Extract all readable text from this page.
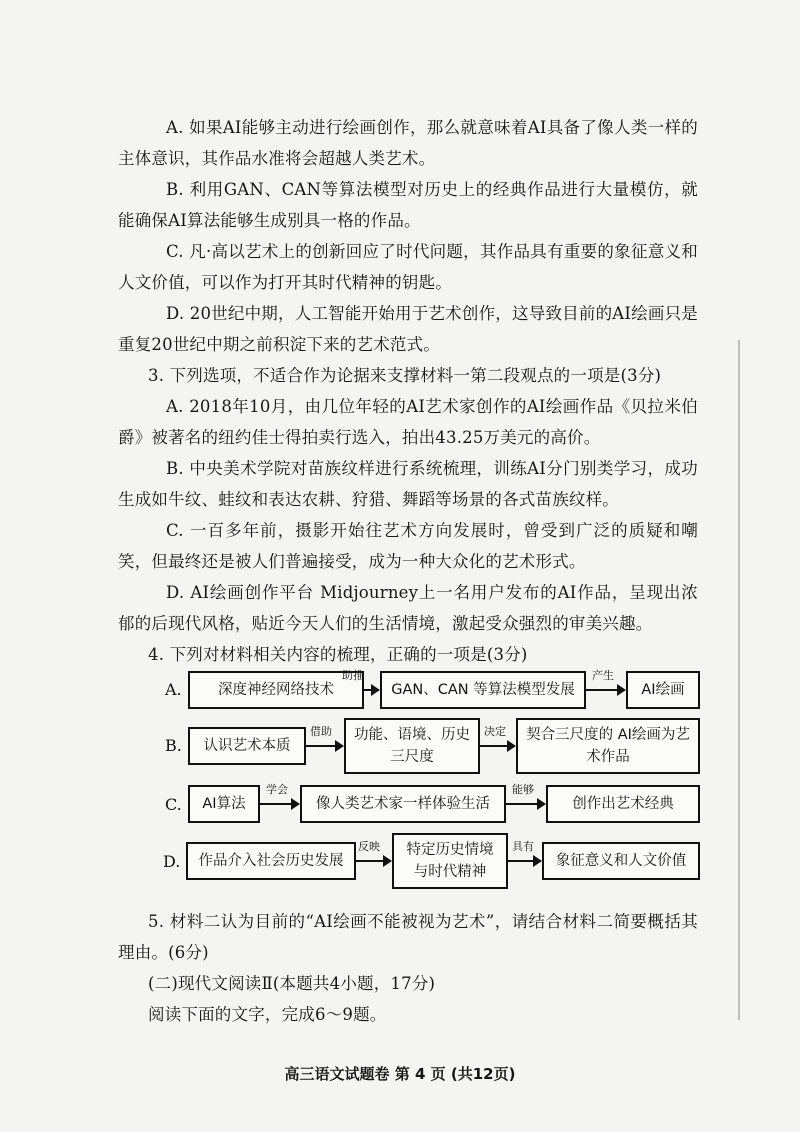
A. 如果AI能够主动进行绘画创作，那么就意味着AI具备了像人类一样的主体意识，其作品水准将会超越人类艺术。
B. 利用GAN、CAN等算法模型对历史上的经典作品进行大量模仿，就能确保AI算法能够生成别具一格的作品。
C. 凡·高以艺术上的创新回应了时代问题，其作品具有重要的象征意义和人文价值，可以作为打开其时代精神的钥匙。
D. 20世纪中期，人工智能开始用于艺术创作，这导致目前的AI绘画只是重复20世纪中期之前积淀下来的艺术范式。
3. 下列选项，不适合作为论据来支撑材料一第二段观点的一项是(3分)
A. 2018年10月，由几位年轻的AI艺术家创作的AI绘画作品《贝拉米伯爵》被著名的纽约佳士得拍卖行选入，拍出43.25万美元的高价。
B. 中央美术学院对苗族纹样进行系统梳理，训练AI分门别类学习，成功生成如牛纹、蛙纹和表达农耕、狩猎、舞蹈等场景的各式苗族纹样。
C. 一百多年前，摄影开始往艺术方向发展时，曾受到广泛的质疑和嘲笑，但最终还是被人们普遍接受，成为一种大众化的艺术形式。
D. AI绘画创作平台 Midjourney上一名用户发布的AI作品，呈现出浓郁的后现代风格，贴近今天人们的生活情境，激起受众强烈的审美兴趣。
4. 下列对材料相关内容的梳理，正确的一项是(3分)
A.	深度神经网络技术
助推
GAN、CAN 等算法模型发展
产生
AI绘画
B.	认识艺术本质
借助	功能、语境、历史三尺度
决定	契合三尺度的 AI绘画为艺术作品
C.	AI算法
学会
像人类艺术家一样体验生活
能够
创作出艺术经典
D.	作品介入社会历史发展
反映	特定历史情境与时代精神
具有
象征意义和人文价值
5. 材料二认为目前的“AI绘画不能被视为艺术”，请结合材料二简要概括其理由。(6分)
(二)现代文阅读Ⅱ(本题共4小题，17分)
阅读下面的文字，完成6～9题。
高三语文试题卷 第 4 页 (共12页)
